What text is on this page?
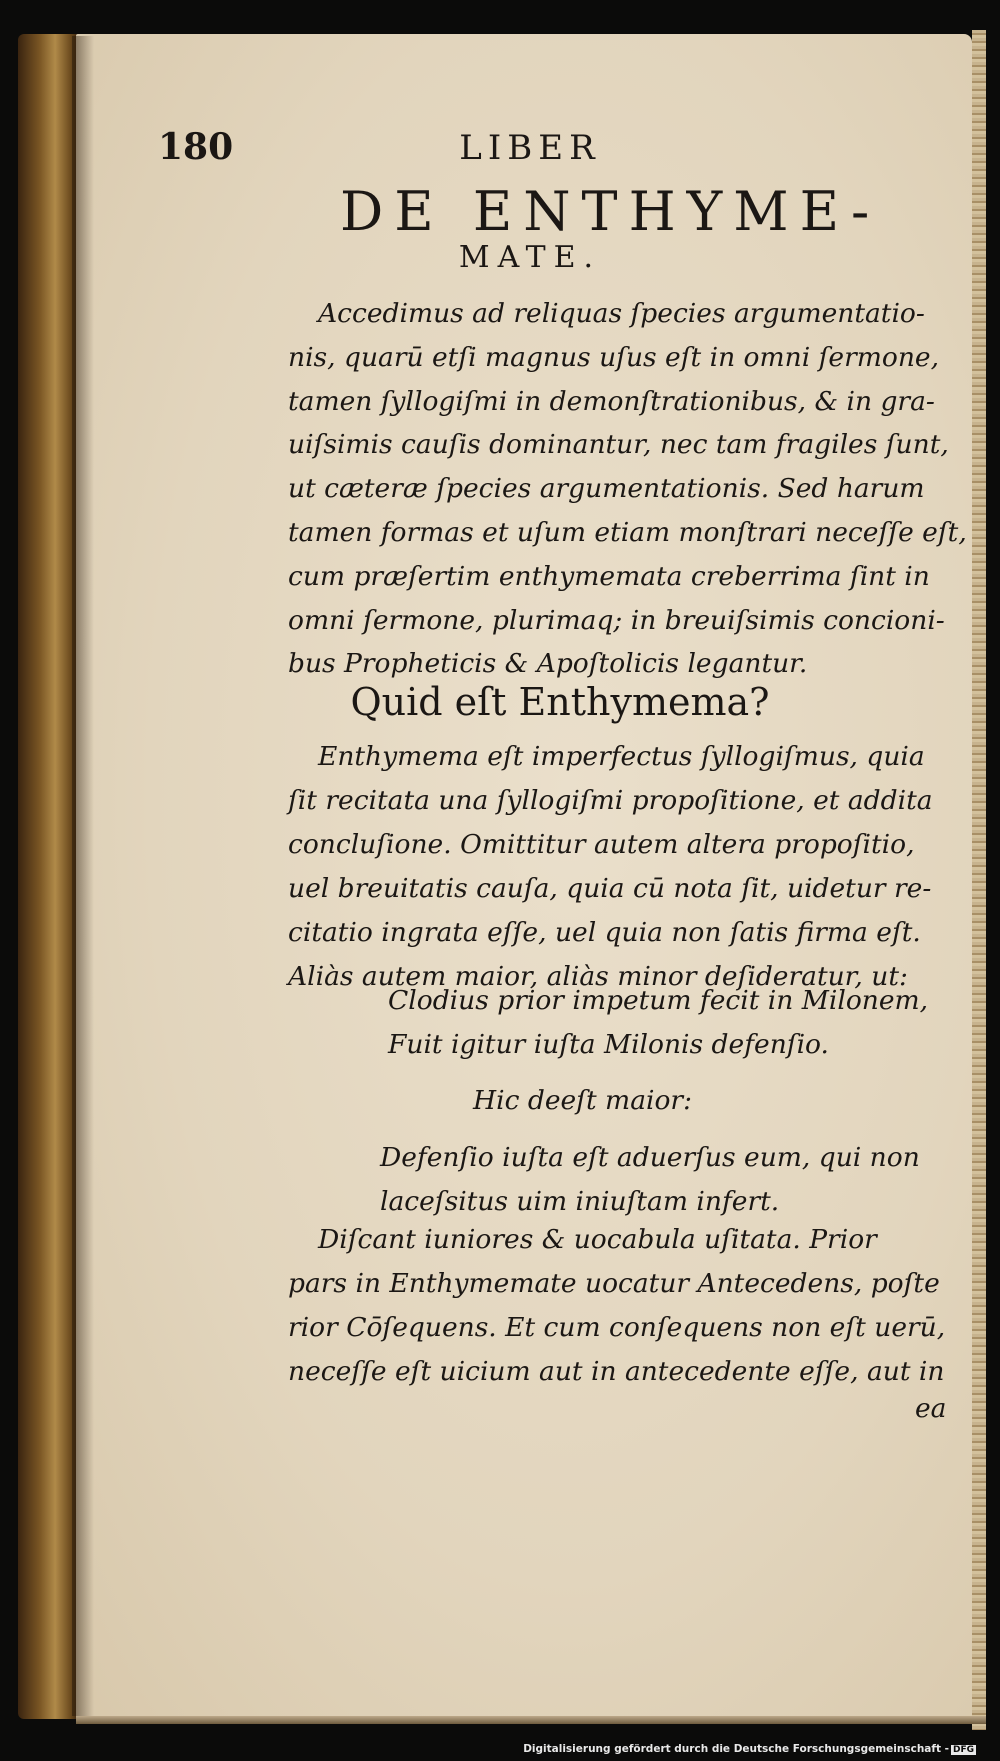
180	LIBER
DE ENTHYME-
MATE.
Accedimus ad reliquas ſpecies argumentatio-
nis, quarū etſi magnus uſus eſt in omni ſermone,
tamen ſyllogiſmi in demonſtrationibus, & in gra-
uiſsimis cauſis dominantur, nec tam fragiles ſunt,
ut cæteræ ſpecies argumentationis. Sed harum
tamen formas et uſum etiam monſtrari neceſſe eſt,
cum præſertim enthymemata creberrima ſint in
omni ſermone, plurimaq; in breuiſsimis concioni-
bus Propheticis & Apoſtolicis legantur.
Quid eſt Enthymema?
Enthymema eſt imperfectus ſyllogiſmus, quia
ſit recitata una ſyllogiſmi propoſitione, et addita
concluſione. Omittitur autem altera propoſitio,
uel breuitatis cauſa, quia cū nota ſit, uidetur re-
citatio ingrata eſſe, uel quia non ſatis firma eſt.
Aliàs autem maior, aliàs minor deſideratur, ut:
Clodius prior impetum fecit in Milonem,
Fuit igitur iuſta Milonis defenſio.
Hic deeſt maior:
Defenſio iuſta eſt aduerſus eum, qui non
laceſsitus uim iniuſtam infert.
Diſcant iuniores & uocabula uſitata. Prior
pars in Enthymemate uocatur Antecedens, poſte
rior Cōſequens. Et cum conſequens non eſt uerū,
neceſſe eſt uicium aut in antecedente eſſe, aut in
ea
Digitalisierung gefördert durch die Deutsche Forschungsgemeinschaft - DFG
